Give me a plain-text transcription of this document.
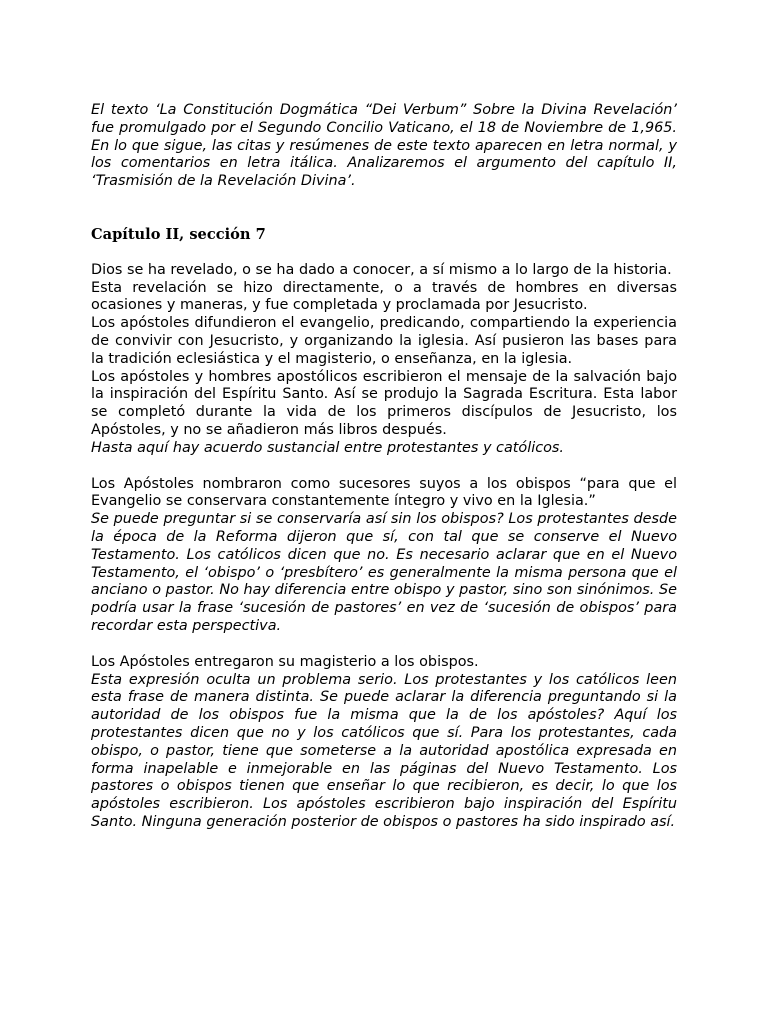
El texto ‘La Constitución Dogmática “Dei Verbum” Sobre la Divina Revelación’ fue promulgado por el Segundo Concilio Vaticano, el 18 de Noviembre de 1,965. En lo que sigue, las citas y resúmenes de este texto aparecen en letra normal, y los comentarios en letra itálica. Analizaremos el argumento del capítulo II, ‘Trasmisión de la Revelación Divina’.

Capítulo II, sección 7

Dios se ha revelado, o se ha dado a conocer, a sí mismo a lo largo de la historia.

Esta revelación se hizo directamente, o a través de hombres en diversas ocasiones y maneras, y fue completada y proclamada por Jesucristo.

Los apóstoles difundieron el evangelio, predicando, compartiendo la experiencia de convivir con Jesucristo, y organizando la iglesia. Así pusieron las bases para la tradición eclesiástica y el magisterio, o enseñanza, en la iglesia.

Los apóstoles y hombres apostólicos escribieron el mensaje de la salvación bajo la inspiración del Espíritu Santo. Así se produjo la Sagrada Escritura. Esta labor se completó durante la vida de los primeros discípulos de Jesucristo, los Apóstoles, y no se añadieron más libros después.

Hasta aquí hay acuerdo sustancial entre protestantes y católicos.

Los Apóstoles nombraron como sucesores suyos a los obispos “para que el Evangelio se conservara constantemente íntegro y vivo en la Iglesia.”

Se puede preguntar si se conservaría así sin los obispos? Los protestantes desde la época de la Reforma dijeron que sí, con tal que se conserve el Nuevo Testamento. Los católicos dicen que no. Es necesario aclarar que en el Nuevo Testamento, el ‘obispo’ o ‘presbítero’ es generalmente la misma persona que el anciano o pastor. No hay diferencia entre obispo y pastor, sino son sinónimos. Se podría usar la frase ‘sucesión de pastores’ en vez de ‘sucesión de obispos’ para recordar esta perspectiva.

Los Apóstoles entregaron su magisterio a los obispos.

Esta expresión oculta un problema serio. Los protestantes y los católicos leen esta frase de manera distinta. Se puede aclarar la diferencia preguntando si la autoridad de los obispos fue la misma que la de los apóstoles? Aquí los protestantes dicen que no y los católicos que sí. Para los protestantes, cada obispo, o pastor, tiene que someterse a la autoridad apostólica expresada en forma inapelable e inmejorable en las páginas del Nuevo Testamento. Los pastores o obispos tienen que enseñar lo que recibieron, es decir, lo que los apóstoles escribieron. Los apóstoles escribieron bajo inspiración del Espíritu Santo. Ninguna generación posterior de obispos o pastores ha sido inspirado así.
